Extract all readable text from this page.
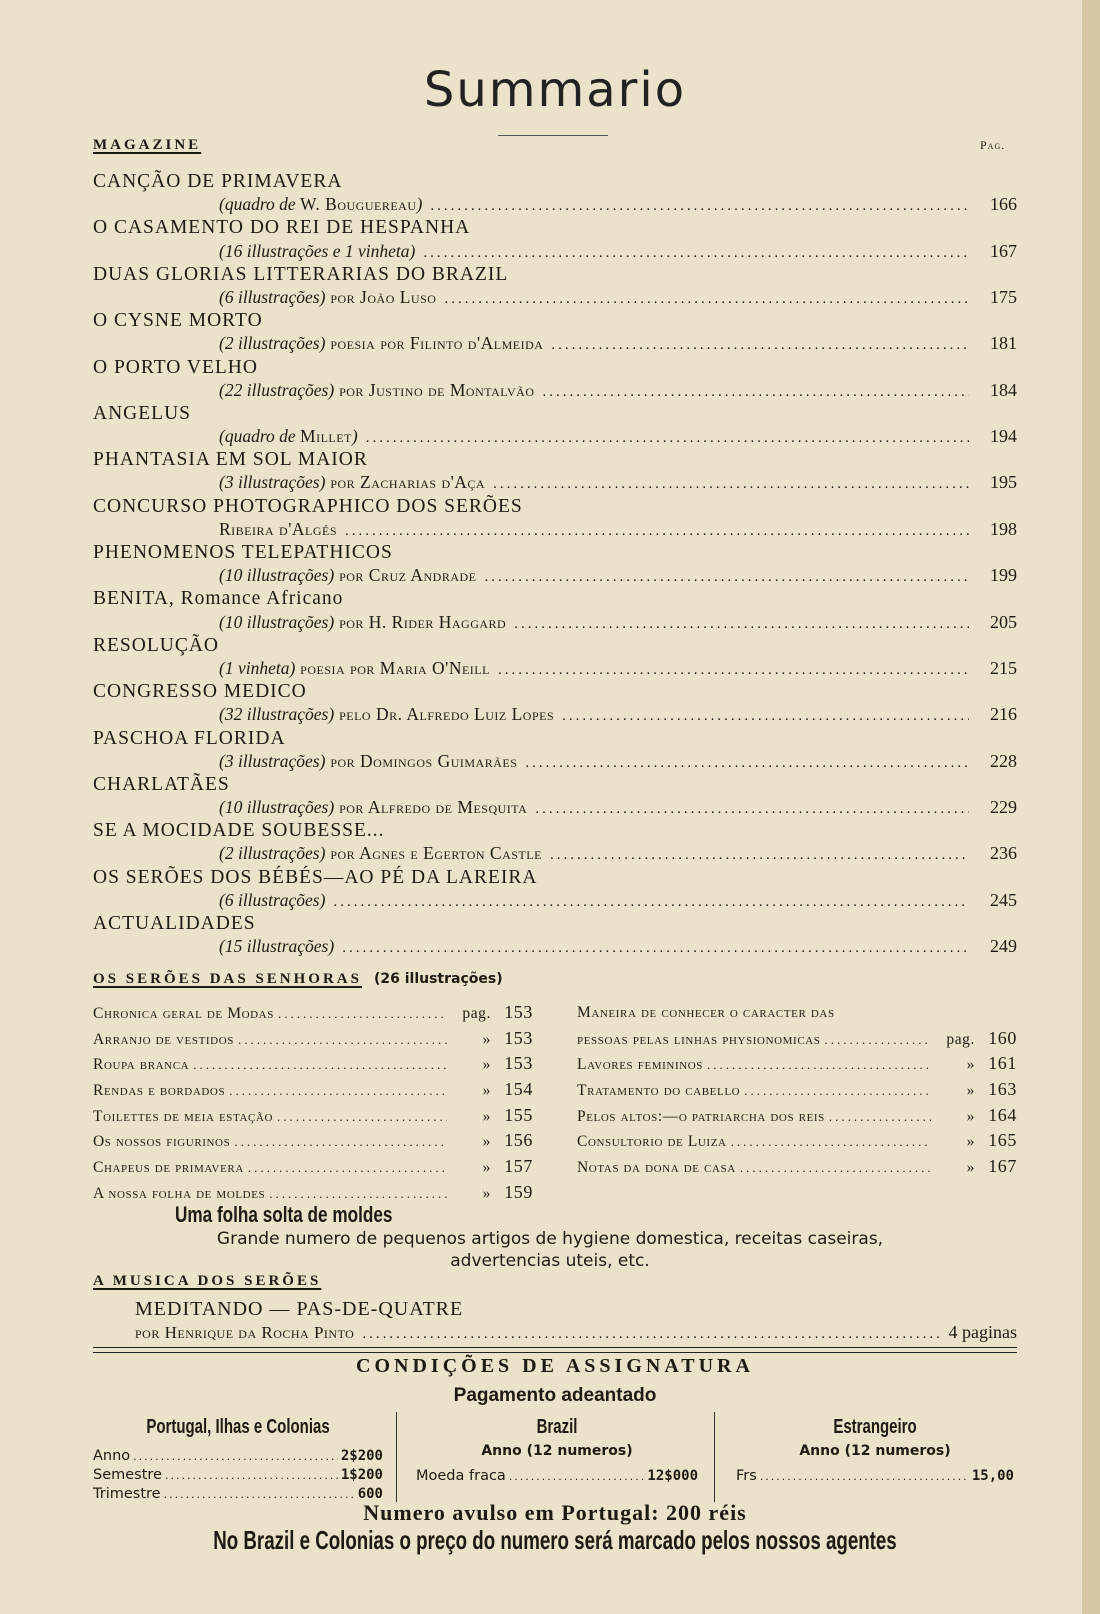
Summario
MAGAZINE	Pag.
CANÇÃO DE PRIMAVERA
(quadro de W. Bouguereau) .....	166
O CASAMENTO DO REI DE HESPANHA
(16 illustrações e 1 vinheta) .....	167
DUAS GLORIAS LITTERARIAS DO BRAZIL
(6 illustrações) por João Luso .....	175
O CYSNE MORTO
(2 illustrações) poesia por Filinto d'Almeida .....	181
O PORTO VELHO
(22 illustrações) por Justino de Montalvão .....	184
ANGELUS
(quadro de Millet) .....	194
PHANTASIA EM SOL MAIOR
(3 illustrações) por Zacharias d'Aça .....	195
CONCURSO PHOTOGRAPHICO DOS SERÕES
Ribeira d'Algés .....	198
PHENOMENOS TELEPATHICOS
(10 illustrações) por Cruz Andrade .....	199
BENITA, Romance Africano
(10 illustrações) por H. Rider Haggard .....	205
RESOLUÇÃO
(1 vinheta) poesia por Maria O'Neill .....	215
CONGRESSO MEDICO
(32 illustrações) pelo Dr. Alfredo Luiz Lopes .....	216
PASCHOA FLORIDA
(3 illustrações) por Domingos Guimarães .....	228
CHARLATÃES
(10 illustrações) por Alfredo de Mesquita .....	229
SE A MOCIDADE SOUBESSE...
(2 illustrações) por Agnes e Egerton Castle .....	236
OS SERÕES DOS BÉBÉS—AO PÉ DA LAREIRA
(6 illustrações) .....	245
ACTUALIDADES
(15 illustrações) .....	249
OS SERÕES DAS SENHORAS (26 illustrações)
Chronica geral de Modas .....	pag. 153
Arranjo de vestidos .....	» 153
Roupa branca .....	» 153
Rendas e bordados .....	» 154
Toilettes de meia estação .....	» 155
Os nossos figurinos .....	» 156
Chapeus de primavera .....	» 157
A nossa folha de moldes .....	» 159
Maneira de conhecer o caracter das
pessoas pelas linhas physionomicas .....	pag. 160
Lavores femininos .....	» 161
Tratamento do cabello .....	» 163
Pelos altos:—o patriarcha dos reis .....	» 164
Consultorio de Luiza .....	» 165
Notas da dona de casa .....	» 167
Uma folha solta de moldes
Grande numero de pequenos artigos de hygiene domestica, receitas caseiras,
advertencias uteis, etc.
A MUSICA DOS SERÕES
MEDITANDO — PAS-DE-QUATRE
por Henrique da Rocha Pinto .....	4 paginas
CONDIÇÕES DE ASSIGNATURA
Pagamento adeantado
Portugal, Ilhas e Colonias
Anno .....	2$200
Semestre .....	1$200
Trimestre .....	600
Brazil
Anno (12 numeros)
Moeda fraca .....	12$000
Estrangeiro
Anno (12 numeros)
Frs .....	15,00
Numero avulso em Portugal: 200 réis
No Brazil e Colonias o preço do numero será marcado pelos nossos agentes
